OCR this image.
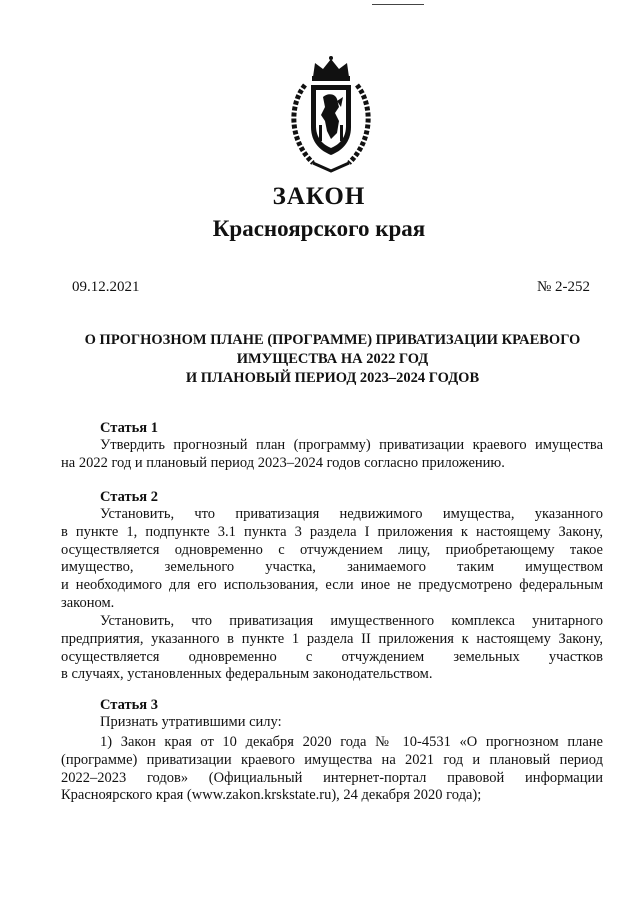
ЗАКОН
Красноярского края
09.12.2021	№ 2-252
О ПРОГНОЗНОМ ПЛАНЕ (ПРОГРАММЕ) ПРИВАТИЗАЦИИ КРАЕВОГО
ИМУЩЕСТВА НА 2022 ГОД
И ПЛАНОВЫЙ ПЕРИОД 2023–2024 ГОДОВ
Статья 1
Утвердить прогнозный план (программу) приватизации краевого имущества
на 2022 год и плановый период 2023–2024 годов согласно приложению.
Статья 2
Установить, что приватизация недвижимого имущества, указанного
в пункте 1, подпункте 3.1 пункта 3 раздела I приложения к настоящему Закону,
осуществляется одновременно с отчуждением лицу, приобретающему такое
имущество, земельного участка, занимаемого таким имуществом
и необходимого для его использования, если иное не предусмотрено федеральным
законом.
Установить, что приватизация имущественного комплекса унитарного
предприятия, указанного в пункте 1 раздела II приложения к настоящему Закону,
осуществляется одновременно с отчуждением земельных участков
в случаях, установленных федеральным законодательством.
Статья 3
Признать утратившими силу:
1) Закон края от 10 декабря 2020 года № 10-4531 «О прогнозном плане
(программе) приватизации краевого имущества на 2021 год и плановый период
2022–2023 годов» (Официальный интернет-портал правовой информации
Красноярского края (www.zakon.krskstate.ru), 24 декабря 2020 года);
